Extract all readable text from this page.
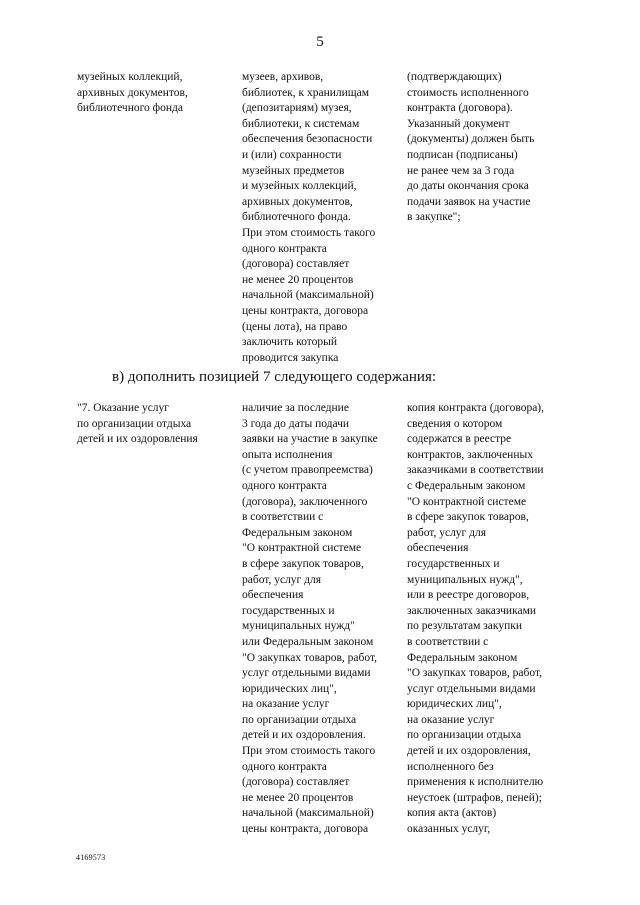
5
музейных коллекций,
архивных документов,
библиотечного фонда
музеев, архивов,
библиотек, к хранилищам
(депозитариям) музея,
библиотеки, к системам
обеспечения безопасности
и (или) сохранности
музейных предметов
и музейных коллекций,
архивных документов,
библиотечного фонда.
При этом стоимость такого
одного контракта
(договора) составляет
не менее 20 процентов
начальной (максимальной)
цены контракта, договора
(цены лота), на право
заключить который
проводится закупка
(подтверждающих)
стоимость исполненного
контракта (договора).
Указанный документ
(документы) должен быть
подписан (подписаны)
не ранее чем за 3 года
до даты окончания срока
подачи заявок на участие
в закупке";
в) дополнить позицией 7 следующего содержания:
"7. Оказание услуг
по организации отдыха
детей и их оздоровления
наличие за последние
3 года до даты подачи
заявки на участие в закупке
опыта исполнения
(с учетом правопреемства)
одного контракта
(договора), заключенного
в соответствии с
Федеральным законом
"О контрактной системе
в сфере закупок товаров,
работ, услуг для
обеспечения
государственных и
муниципальных нужд"
или Федеральным законом
"О закупках товаров, работ,
услуг отдельными видами
юридических лиц",
на оказание услуг
по организации отдыха
детей и их оздоровления.
При этом стоимость такого
одного контракта
(договора) составляет
не менее 20 процентов
начальной (максимальной)
цены контракта, договора
копия контракта (договора),
сведения о котором
содержатся в реестре
контрактов, заключенных
заказчиками в соответствии
с Федеральным законом
"О контрактной системе
в сфере закупок товаров,
работ, услуг для
обеспечения
государственных и
муниципальных нужд",
или в реестре договоров,
заключенных заказчиками
по результатам закупки
в соответствии с
Федеральным законом
"О закупках товаров, работ,
услуг отдельными видами
юридических лиц",
на оказание услуг
по организации отдыха
детей и их оздоровления,
исполненного без
применения к исполнителю
неустоек (штрафов, пеней);
копия акта (актов)
оказанных услуг,
4169573
